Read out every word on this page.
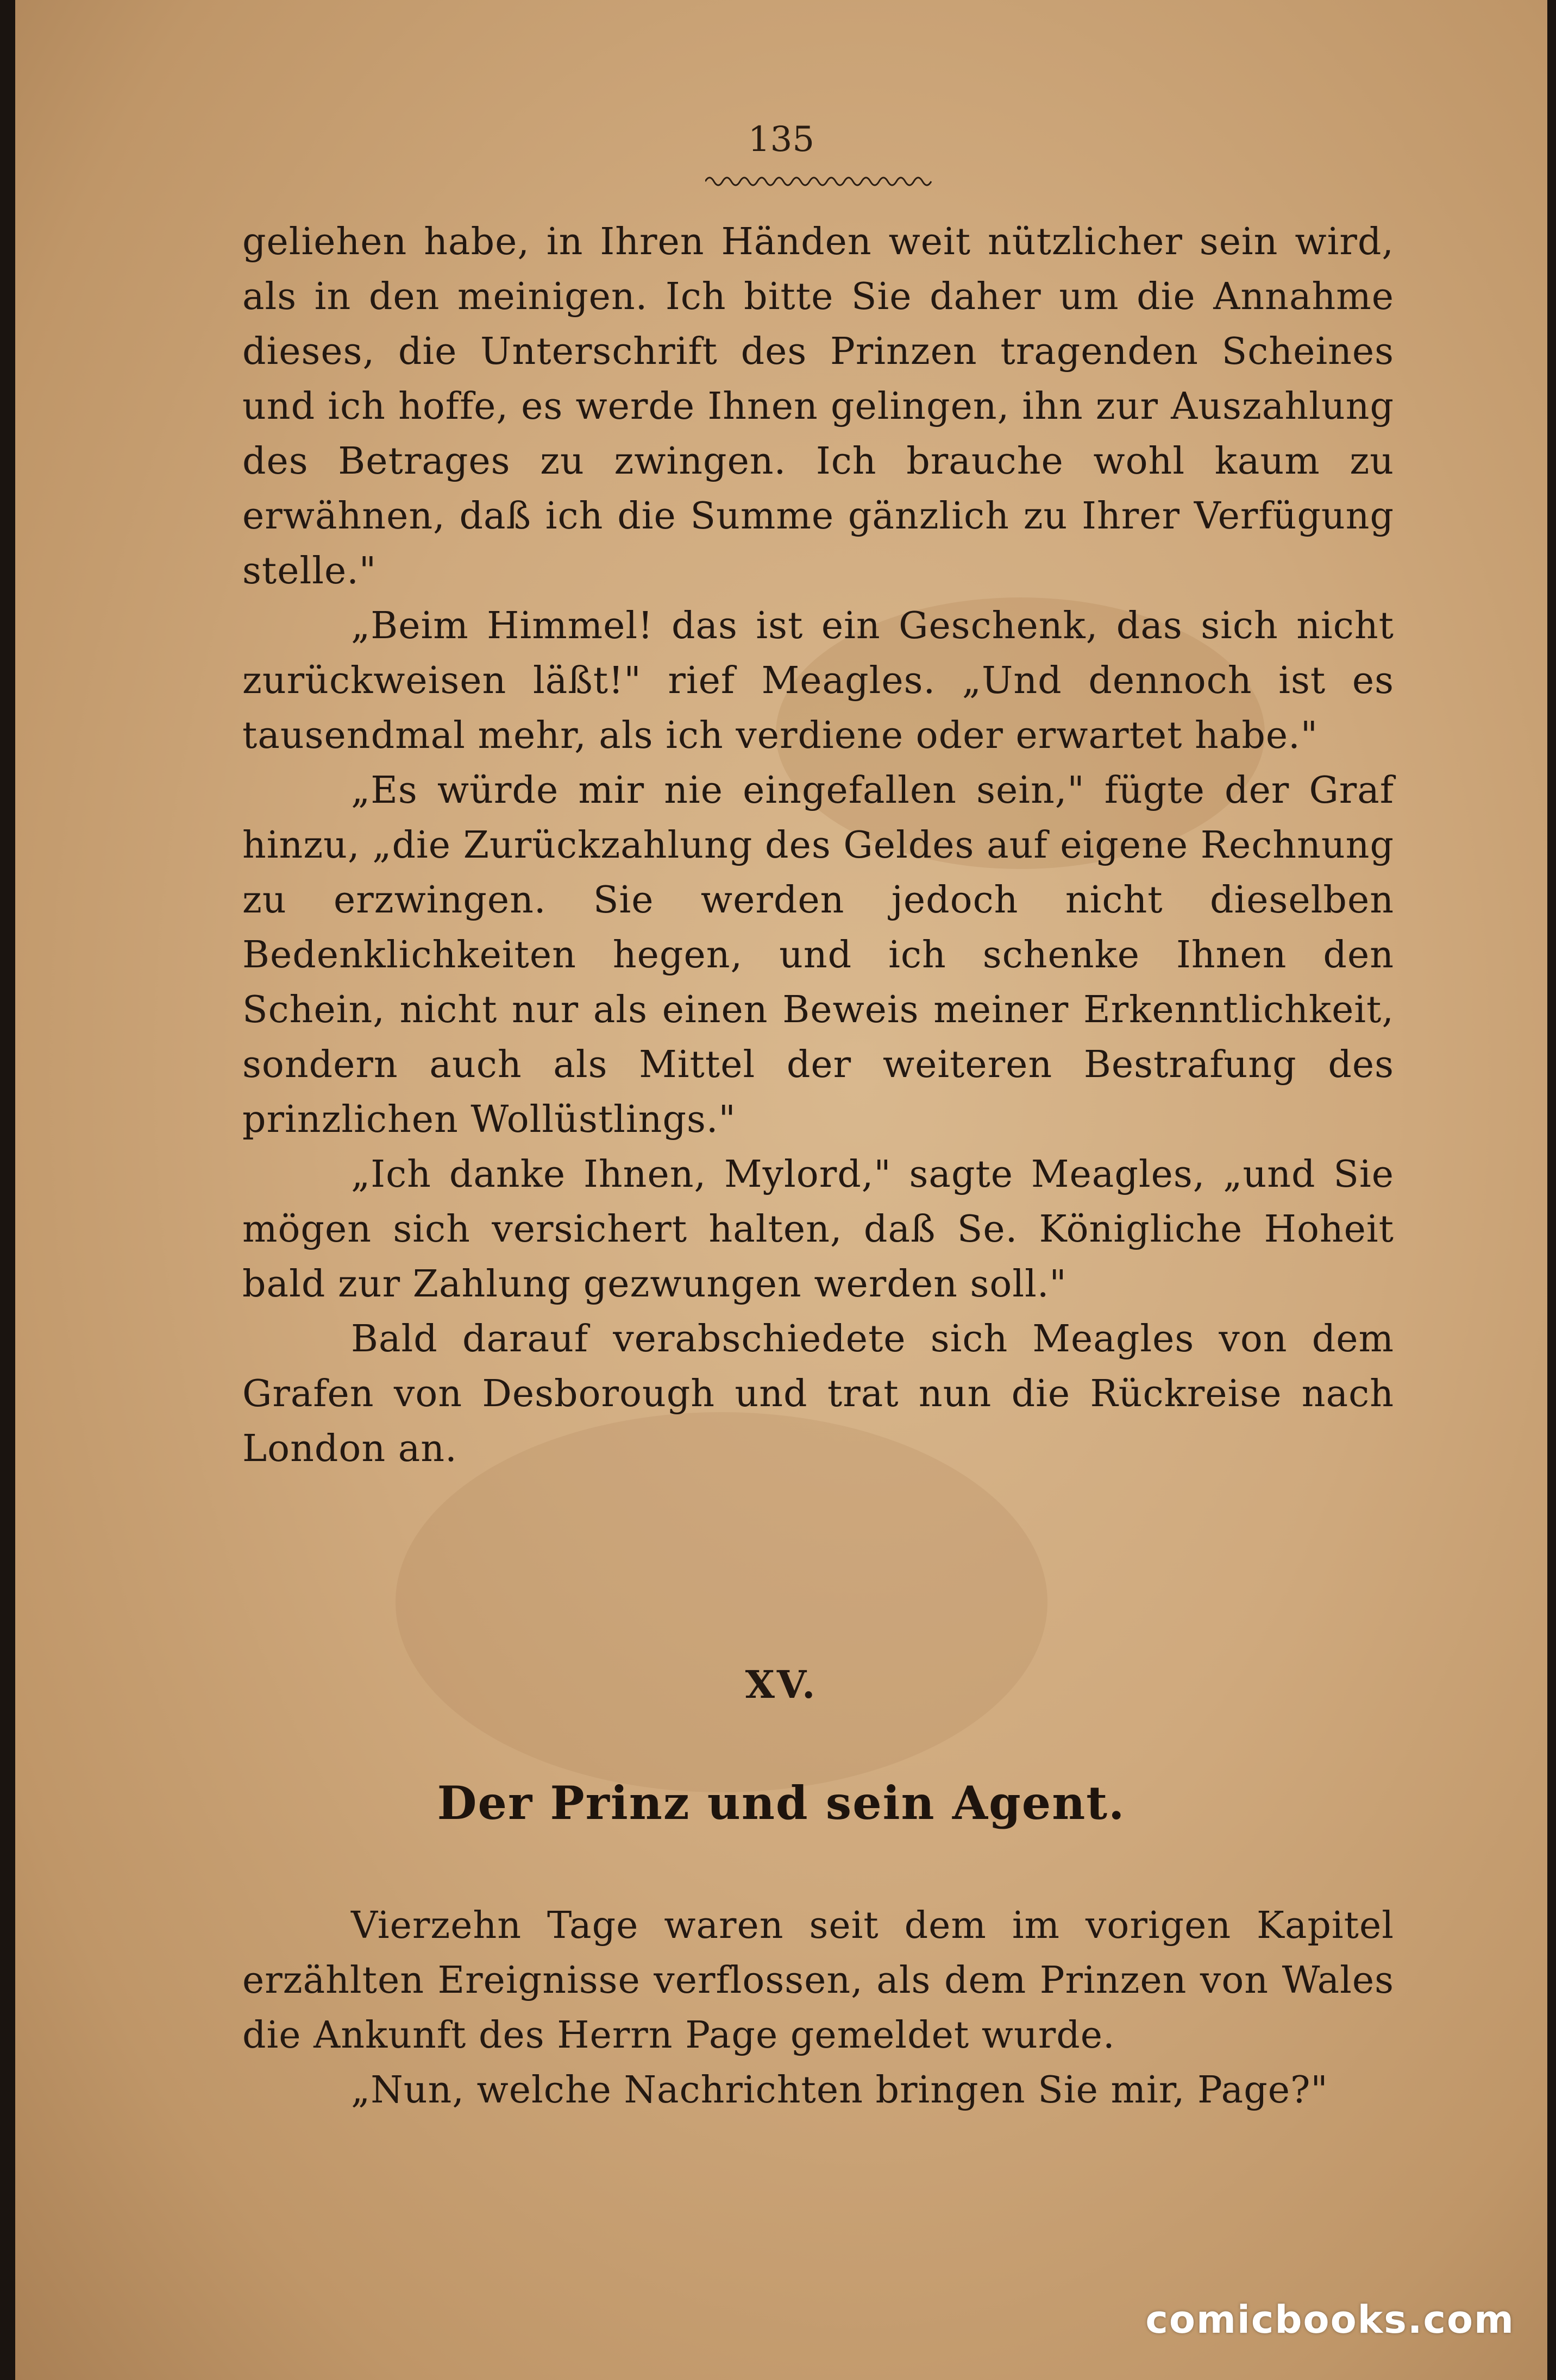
135

geliehen habe, in Ihren Händen weit nützlicher sein wird, als in den meinigen. Ich bitte Sie daher um die Annahme dieses, die Unterschrift des Prinzen tragenden Scheines und ich hoffe, es werde Ihnen gelingen, ihn zur Auszahlung des Betrages zu zwingen. Ich brauche wohl kaum zu erwähnen, daß ich die Summe gänzlich zu Ihrer Verfügung stelle."

„Beim Himmel! das ist ein Geschenk, das sich nicht zurückweisen läßt!" rief Meagles. „Und dennoch ist es tausendmal mehr, als ich verdiene oder erwartet habe."

„Es würde mir nie eingefallen sein," fügte der Graf hinzu, „die Zurückzahlung des Geldes auf eigene Rechnung zu erzwingen. Sie werden jedoch nicht dieselben Bedenklichkeiten hegen, und ich schenke Ihnen den Schein, nicht nur als einen Beweis meiner Erkenntlichkeit, sondern auch als Mittel der weiteren Bestrafung des prinzlichen Wollüstlings."

„Ich danke Ihnen, Mylord," sagte Meagles, „und Sie mögen sich versichert halten, daß Se. Königliche Hoheit bald zur Zahlung gezwungen werden soll."

Bald darauf verabschiedete sich Meagles von dem Grafen von Desborough und trat nun die Rückreise nach London an.

XV.
Der Prinz und sein Agent.

Vierzehn Tage waren seit dem im vorigen Kapitel erzählten Ereignisse verflossen, als dem Prinzen von Wales die Ankunft des Herrn Page gemeldet wurde.

„Nun, welche Nachrichten bringen Sie mir, Page?"

comicbooks.com
